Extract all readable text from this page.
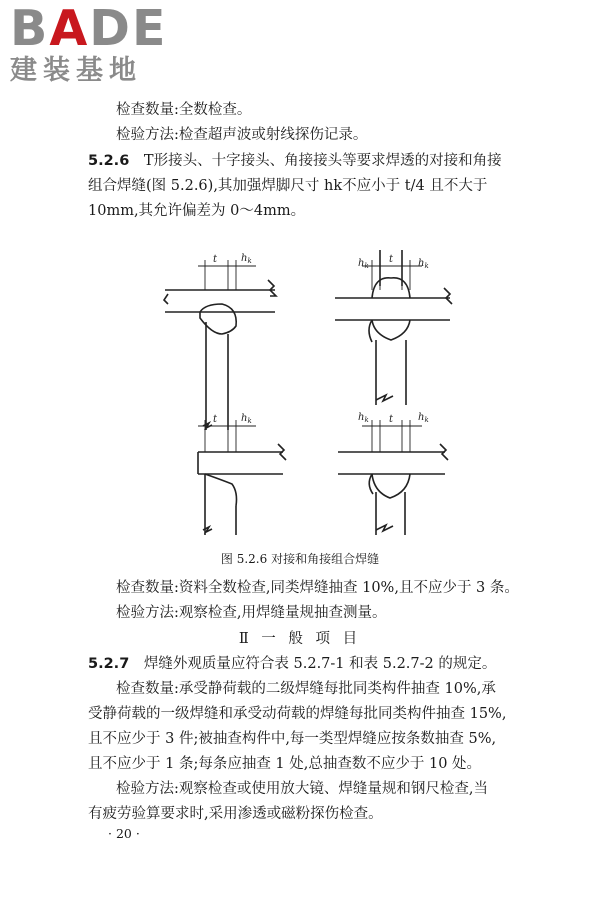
BADE
建装基地
检查数量:全数检查。
检验方法:检查超声波或射线探伤记录。
5.2.6 T形接头、十字接头、角接接头等要求焊透的对接和角接
组合焊缝(图 5.2.6),其加强焊脚尺寸 hk不应小于 t/4 且不大于
10mm,其允许偏差为 0～4mm。
t $h_k$	$h_k$
t $h_k$
t $h_k$	$h_k$ t $h_k$
图 5.2.6 对接和角接组合焊缝
检查数量:资料全数检查,同类焊缝抽查 10%,且不应少于 3 条。
检验方法:观察检查,用焊缝量规抽查测量。
Ⅱ 一 般 项 目
5.2.7 焊缝外观质量应符合表 5.2.7-1 和表 5.2.7-2 的规定。
检查数量:承受静荷载的二级焊缝每批同类构件抽查 10%,承
受静荷载的一级焊缝和承受动荷载的焊缝每批同类构件抽查 15%,
且不应少于 3 件;被抽查构件中,每一类型焊缝应按条数抽查 5%,
且不应少于 1 条;每条应抽查 1 处,总抽查数不应少于 10 处。
检验方法:观察检查或使用放大镜、焊缝量规和钢尺检查,当
有疲劳验算要求时,采用渗透或磁粉探伤检查。
· 20 ·
